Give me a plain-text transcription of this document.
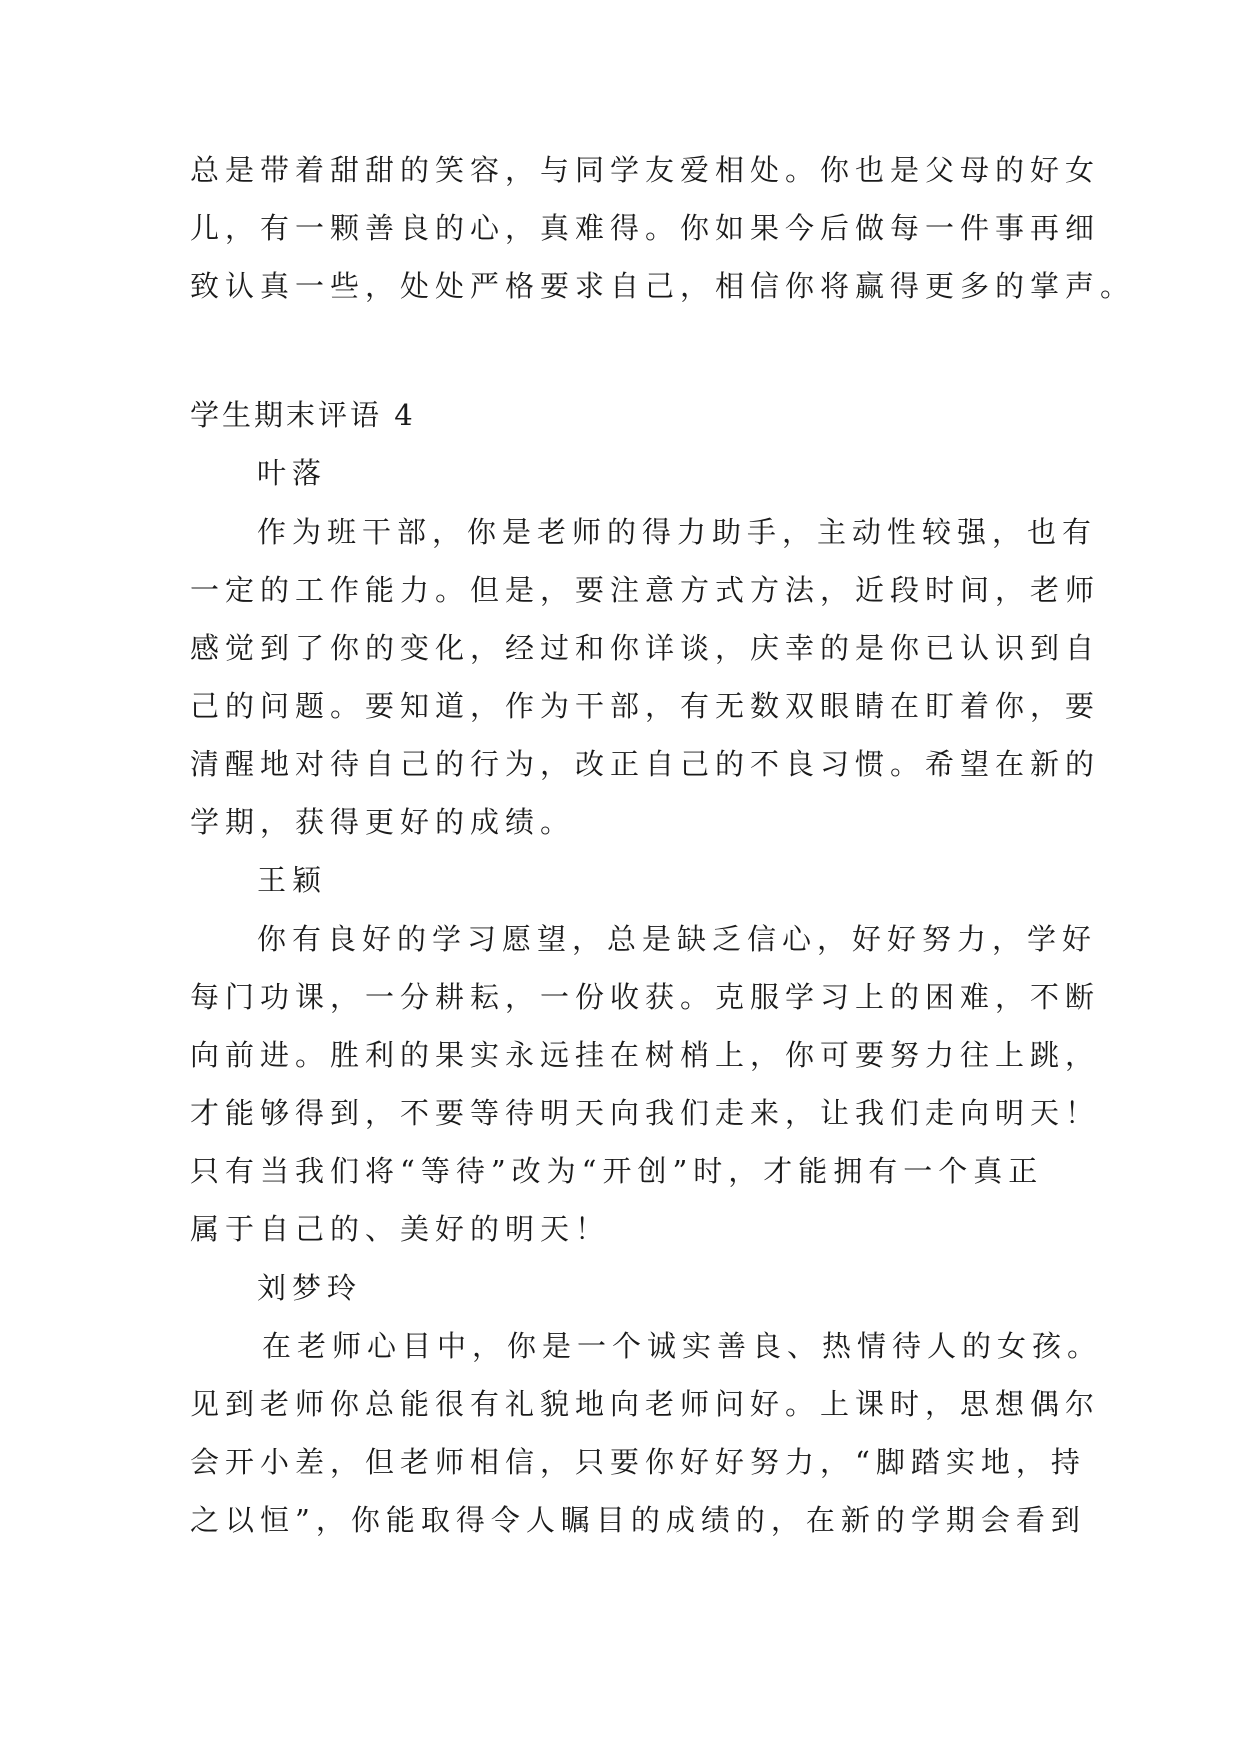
总是带着甜甜的笑容，与同学友爱相处。你也是父母的好女
儿，有一颗善良的心，真难得。你如果今后做每一件事再细
致认真一些，处处严格要求自己，相信你将赢得更多的掌声。
学生期末评语 4
叶落
作为班干部，你是老师的得力助手，主动性较强，也有
一定的工作能力。但是，要注意方式方法，近段时间，老师
感觉到了你的变化，经过和你详谈，庆幸的是你已认识到自
己的问题。要知道，作为干部，有无数双眼睛在盯着你，要
清醒地对待自己的行为，改正自己的不良习惯。希望在新的
学期，获得更好的成绩。
王颖
你有良好的学习愿望，总是缺乏信心，好好努力，学好
每门功课，一分耕耘，一份收获。克服学习上的困难，不断
向前进。胜利的果实永远挂在树梢上，你可要努力往上跳，
才能够得到，不要等待明天向我们走来，让我们走向明天！
只有当我们将“等待”改为“开创”时，才能拥有一个真正
属于自己的、美好的明天！
刘梦玲
在老师心目中，你是一个诚实善良、热情待人的女孩。
见到老师你总能很有礼貌地向老师问好。上课时，思想偶尔
会开小差，但老师相信，只要你好好努力，“脚踏实地，持
之以恒”，你能取得令人瞩目的成绩的，在新的学期会看到
